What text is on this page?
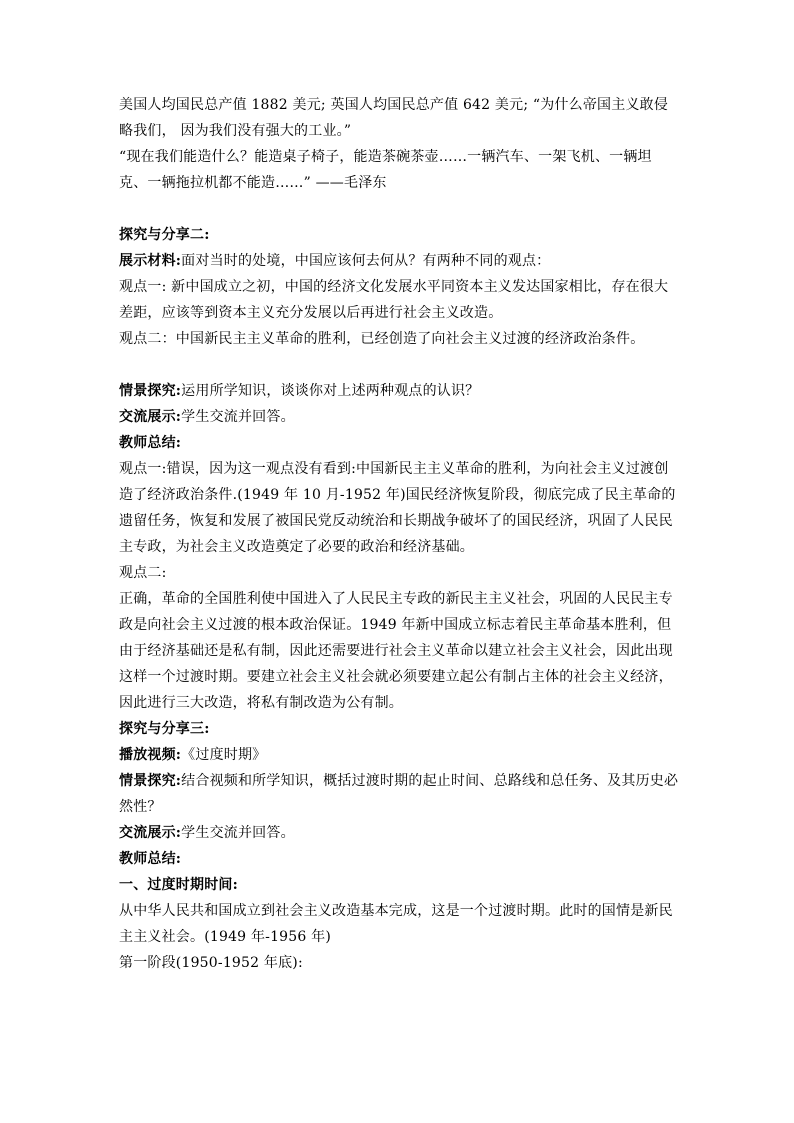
美国人均国民总产值 1882 美元; 英国人均国民总产值 642 美元; “为什么帝国主义敢侵略我们， 因为我们没有强大的工业。”

“现在我们能造什么？能造桌子椅子，能造茶碗茶壶……一辆汽车、一架飞机、一辆坦克、一辆拖拉机都不能造……” ——毛泽东

探究与分享二:

展示材料:面对当时的处境，中国应该何去何从？有两种不同的观点：

观点一: 新中国成立之初，中国的经济文化发展水平同资本主义发达国家相比，存在很大差距，应该等到资本主义充分发展以后再进行社会主义改造。

观点二：中国新民主主义革命的胜利，已经创造了向社会主义过渡的经济政治条件。

情景探究:运用所学知识，谈谈你对上述两种观点的认识？

交流展示:学生交流并回答。

教师总结:

观点一:错误，因为这一观点没有看到:中国新民主主义革命的胜利，为向社会主义过渡创造了经济政治条件.(1949 年 10 月-1952 年)国民经济恢复阶段，彻底完成了民主革命的遗留任务，恢复和发展了被国民党反动统治和长期战争破坏了的国民经济，巩固了人民民主专政，为社会主义改造奠定了必要的政治和经济基础。

观点二:

正确，革命的全国胜利使中国进入了人民民主专政的新民主主义社会，巩固的人民民主专政是向社会主义过渡的根本政治保证。1949 年新中国成立标志着民主革命基本胜利，但由于经济基础还是私有制，因此还需要进行社会主义革命以建立社会主义社会，因此出现这样一个过渡时期。要建立社会主义社会就必须要建立起公有制占主体的社会主义经济，因此进行三大改造，将私有制改造为公有制。

探究与分享三:

播放视频:《过度时期》

情景探究:结合视频和所学知识，概括过渡时期的起止时间、总路线和总任务、及其历史必然性？

交流展示:学生交流并回答。

教师总结:

一、过度时期时间:

从中华人民共和国成立到社会主义改造基本完成，这是一个过渡时期。此时的国情是新民主主义社会。(1949 年-1956 年)

第一阶段(1950-1952 年底):
